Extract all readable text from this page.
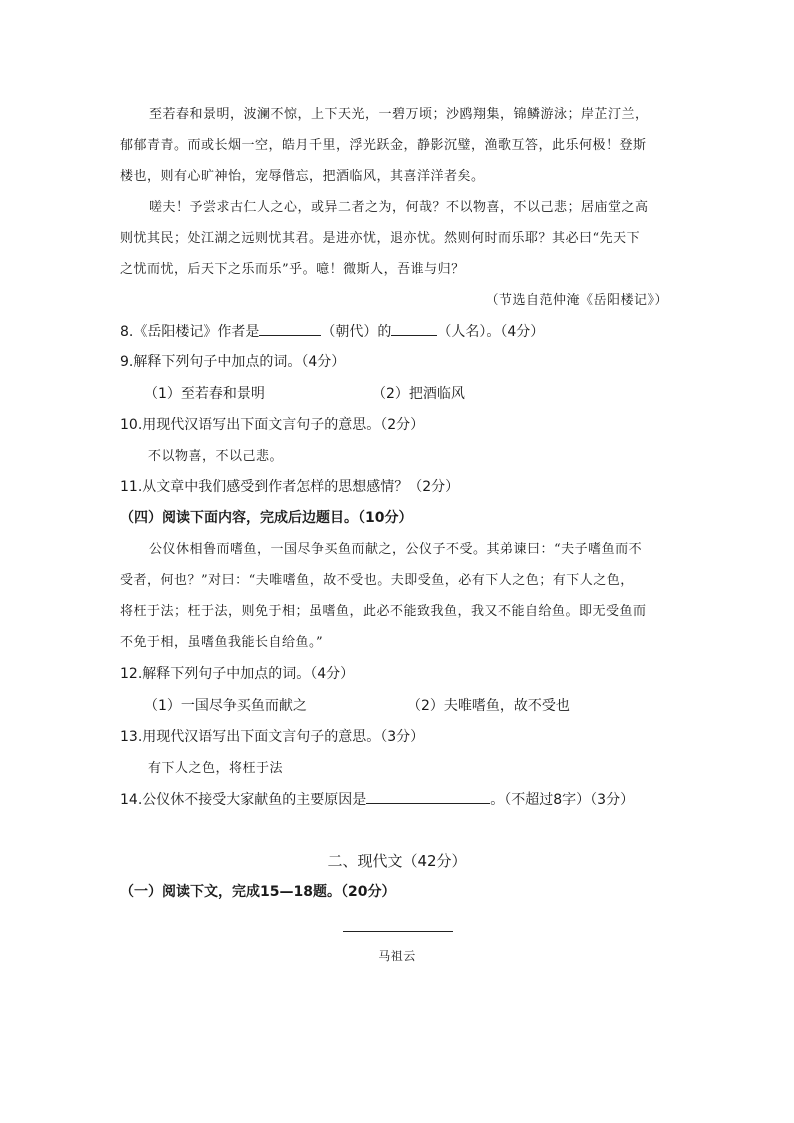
至若春和景明，波澜不惊，上下天光，一碧万顷；沙鸥翔集，锦鳞游泳；岸芷汀兰，
郁郁青青。而或长烟一空，皓月千里，浮光跃金，静影沉璧，渔歌互答，此乐何极！登斯
楼也，则有心旷神怡，宠辱偕忘，把酒临风，其喜洋洋者矣。
嗟夫！予尝求古仁人之心，或异二者之为，何哉？不以物喜，不以己悲；居庙堂之高
则忧其民；处江湖之远则忧其君。是进亦忧，退亦忧。然则何时而乐耶？其必曰“先天下
之忧而忧，后天下之乐而乐”乎。噫！微斯人，吾谁与归？
（节选自范仲淹《岳阳楼记》）
8.《岳阳楼记》作者是	（朝代）的	（人名）。（4分）
9.解释下列句子中加点的词。（4分）
（1）至若春和景明	（2）把酒临风
10.用现代汉语写出下面文言句子的意思。（2分）
不以物喜，不以己悲。
11.从文章中我们感受到作者怎样的思想感情？（2分）
（四）阅读下面内容，完成后边题目。（10分）
公仪休相鲁而嗜鱼，一国尽争买鱼而献之，公仪子不受。其弟谏曰：“夫子嗜鱼而不
受者，何也？”对曰：“夫唯嗜鱼，故不受也。夫即受鱼，必有下人之色；有下人之色，
将枉于法；枉于法，则免于相；虽嗜鱼，此必不能致我鱼，我又不能自给鱼。即无受鱼而
不免于相，虽嗜鱼我能长自给鱼。”
12.解释下列句子中加点的词。（4分）
（1）一国尽争买鱼而献之	（2）夫唯嗜鱼，故不受也
13.用现代汉语写出下面文言句子的意思。（3分）
有下人之色，将枉于法
14.公仪休不接受大家献鱼的主要原因是	。（不超过8字）（3分）
二、现代文（42分）
（一）阅读下文，完成15—18题。（20分）
马祖云
